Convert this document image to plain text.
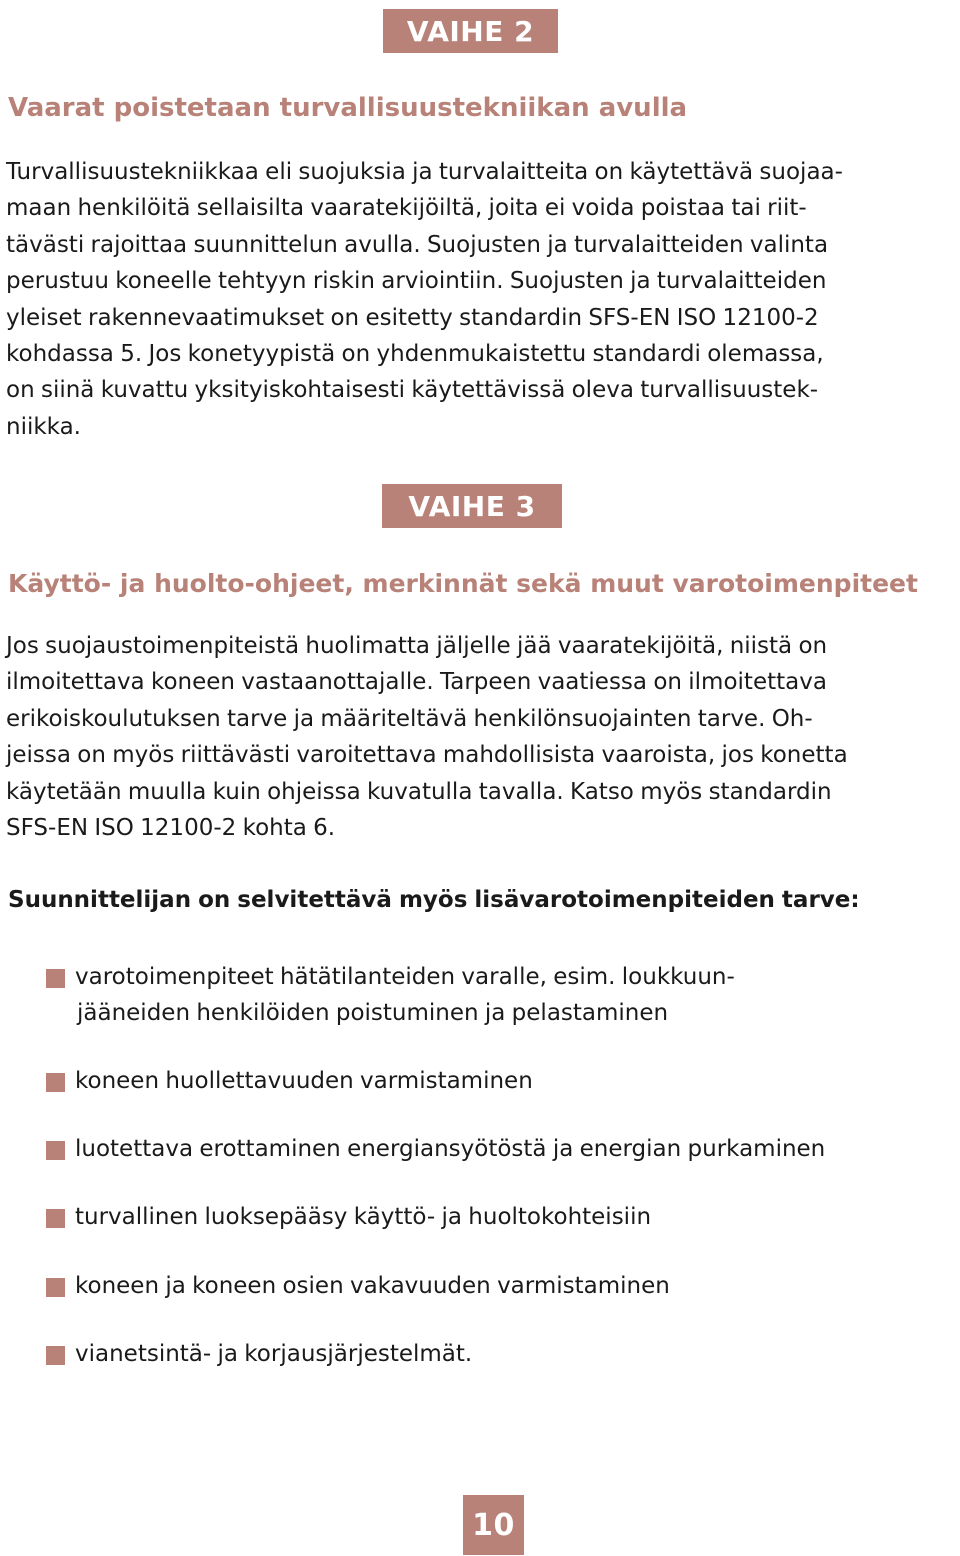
VAIHE 2
Vaarat poistetaan turvallisuustekniikan avulla

Turvallisuustekniikkaa eli suojuksia ja turvalaitteita on käytettävä suojaa-
maan henkilöitä sellaisilta vaaratekijöiltä, joita ei voida poistaa tai riit-
tävästi rajoittaa suunnittelun avulla. Suojusten ja turvalaitteiden valinta
perustuu koneelle tehtyyn riskin arviointiin. Suojusten ja turvalaitteiden
yleiset rakennevaatimukset on esitetty standardin SFS-EN ISO 12100-2
kohdassa 5. Jos konetyypistä on yhdenmukaistettu standardi olemassa,
on siinä kuvattu yksityiskohtaisesti käytettävissä oleva turvallisuustek-
niikka.

VAIHE 3
Käyttö- ja huolto-ohjeet, merkinnät sekä muut varotoimenpiteet

Jos suojaustoimenpiteistä huolimatta jäljelle jää vaaratekijöitä, niistä on
ilmoitettava koneen vastaanottajalle. Tarpeen vaatiessa on ilmoitettava
erikoiskoulutuksen tarve ja määriteltävä henkilönsuojainten tarve. Oh-
jeissa on myös riittävästi varoitettava mahdollisista vaaroista, jos konetta
käytetään muulla kuin ohjeissa kuvatulla tavalla. Katso myös standardin
SFS-EN ISO 12100-2 kohta 6.

Suunnittelijan on selvitettävä myös lisävarotoimenpiteiden tarve:

varotoimenpiteet hätätilanteiden varalle, esim. loukkuun-
jääneiden henkilöiden poistuminen ja pelastaminen
koneen huollettavuuden varmistaminen
luotettava erottaminen energiansyötöstä ja energian purkaminen
turvallinen luoksepääsy käyttö- ja huoltokohteisiin
koneen ja koneen osien vakavuuden varmistaminen
vianetsintä- ja korjausjärjestelmät.
10
